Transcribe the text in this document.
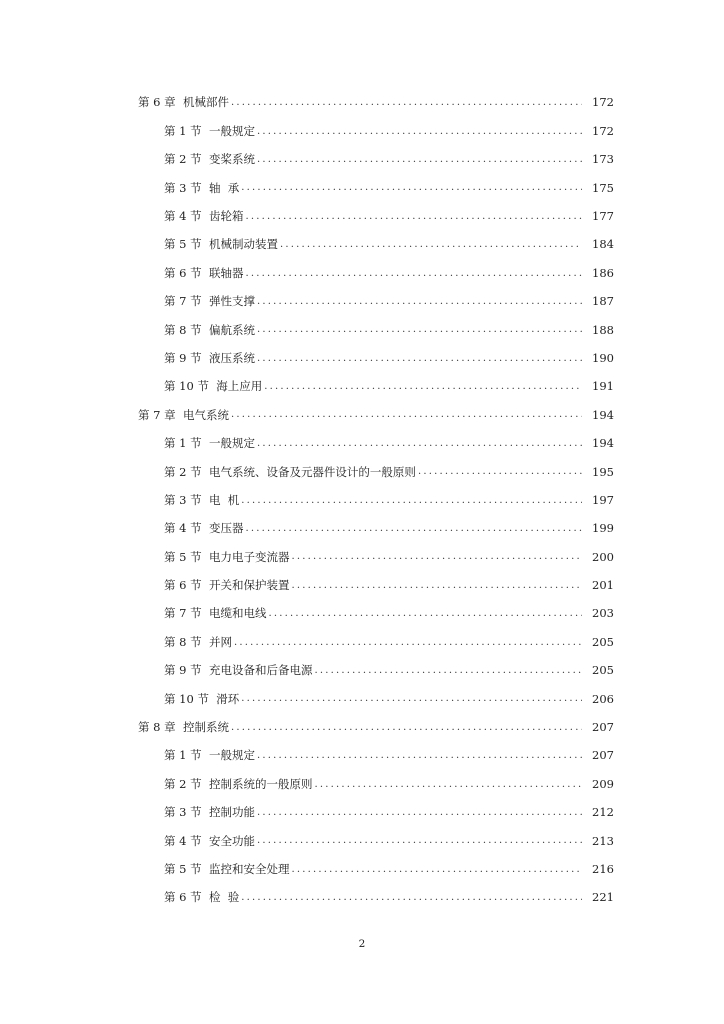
第 6 章  机械部件 .....	172
第 1 节  一般规定 .....	172
第 2 节  变桨系统 .....	173
第 3 节  轴  承 .....	175
第 4 节  齿轮箱 .....	177
第 5 节  机械制动装置 .....	184
第 6 节  联轴器 .....	186
第 7 节  弹性支撑 .....	187
第 8 节  偏航系统 .....	188
第 9 节  液压系统 .....	190
第 10 节  海上应用 .....	191
第 7 章  电气系统 .....	194
第 1 节  一般规定 .....	194
第 2 节  电气系统、设备及元器件设计的一般原则 .....	195
第 3 节  电  机 .....	197
第 4 节  变压器 .....	199
第 5 节  电力电子变流器 .....	200
第 6 节  开关和保护装置 .....	201
第 7 节  电缆和电线 .....	203
第 8 节  并网 .....	205
第 9 节  充电设备和后备电源 .....	205
第 10 节  滑环 .....	206
第 8 章  控制系统 .....	207
第 1 节  一般规定 .....	207
第 2 节  控制系统的一般原则 .....	209
第 3 节  控制功能 .....	212
第 4 节  安全功能 .....	213
第 5 节  监控和安全处理 .....	216
第 6 节  检  验 .....	221
2
